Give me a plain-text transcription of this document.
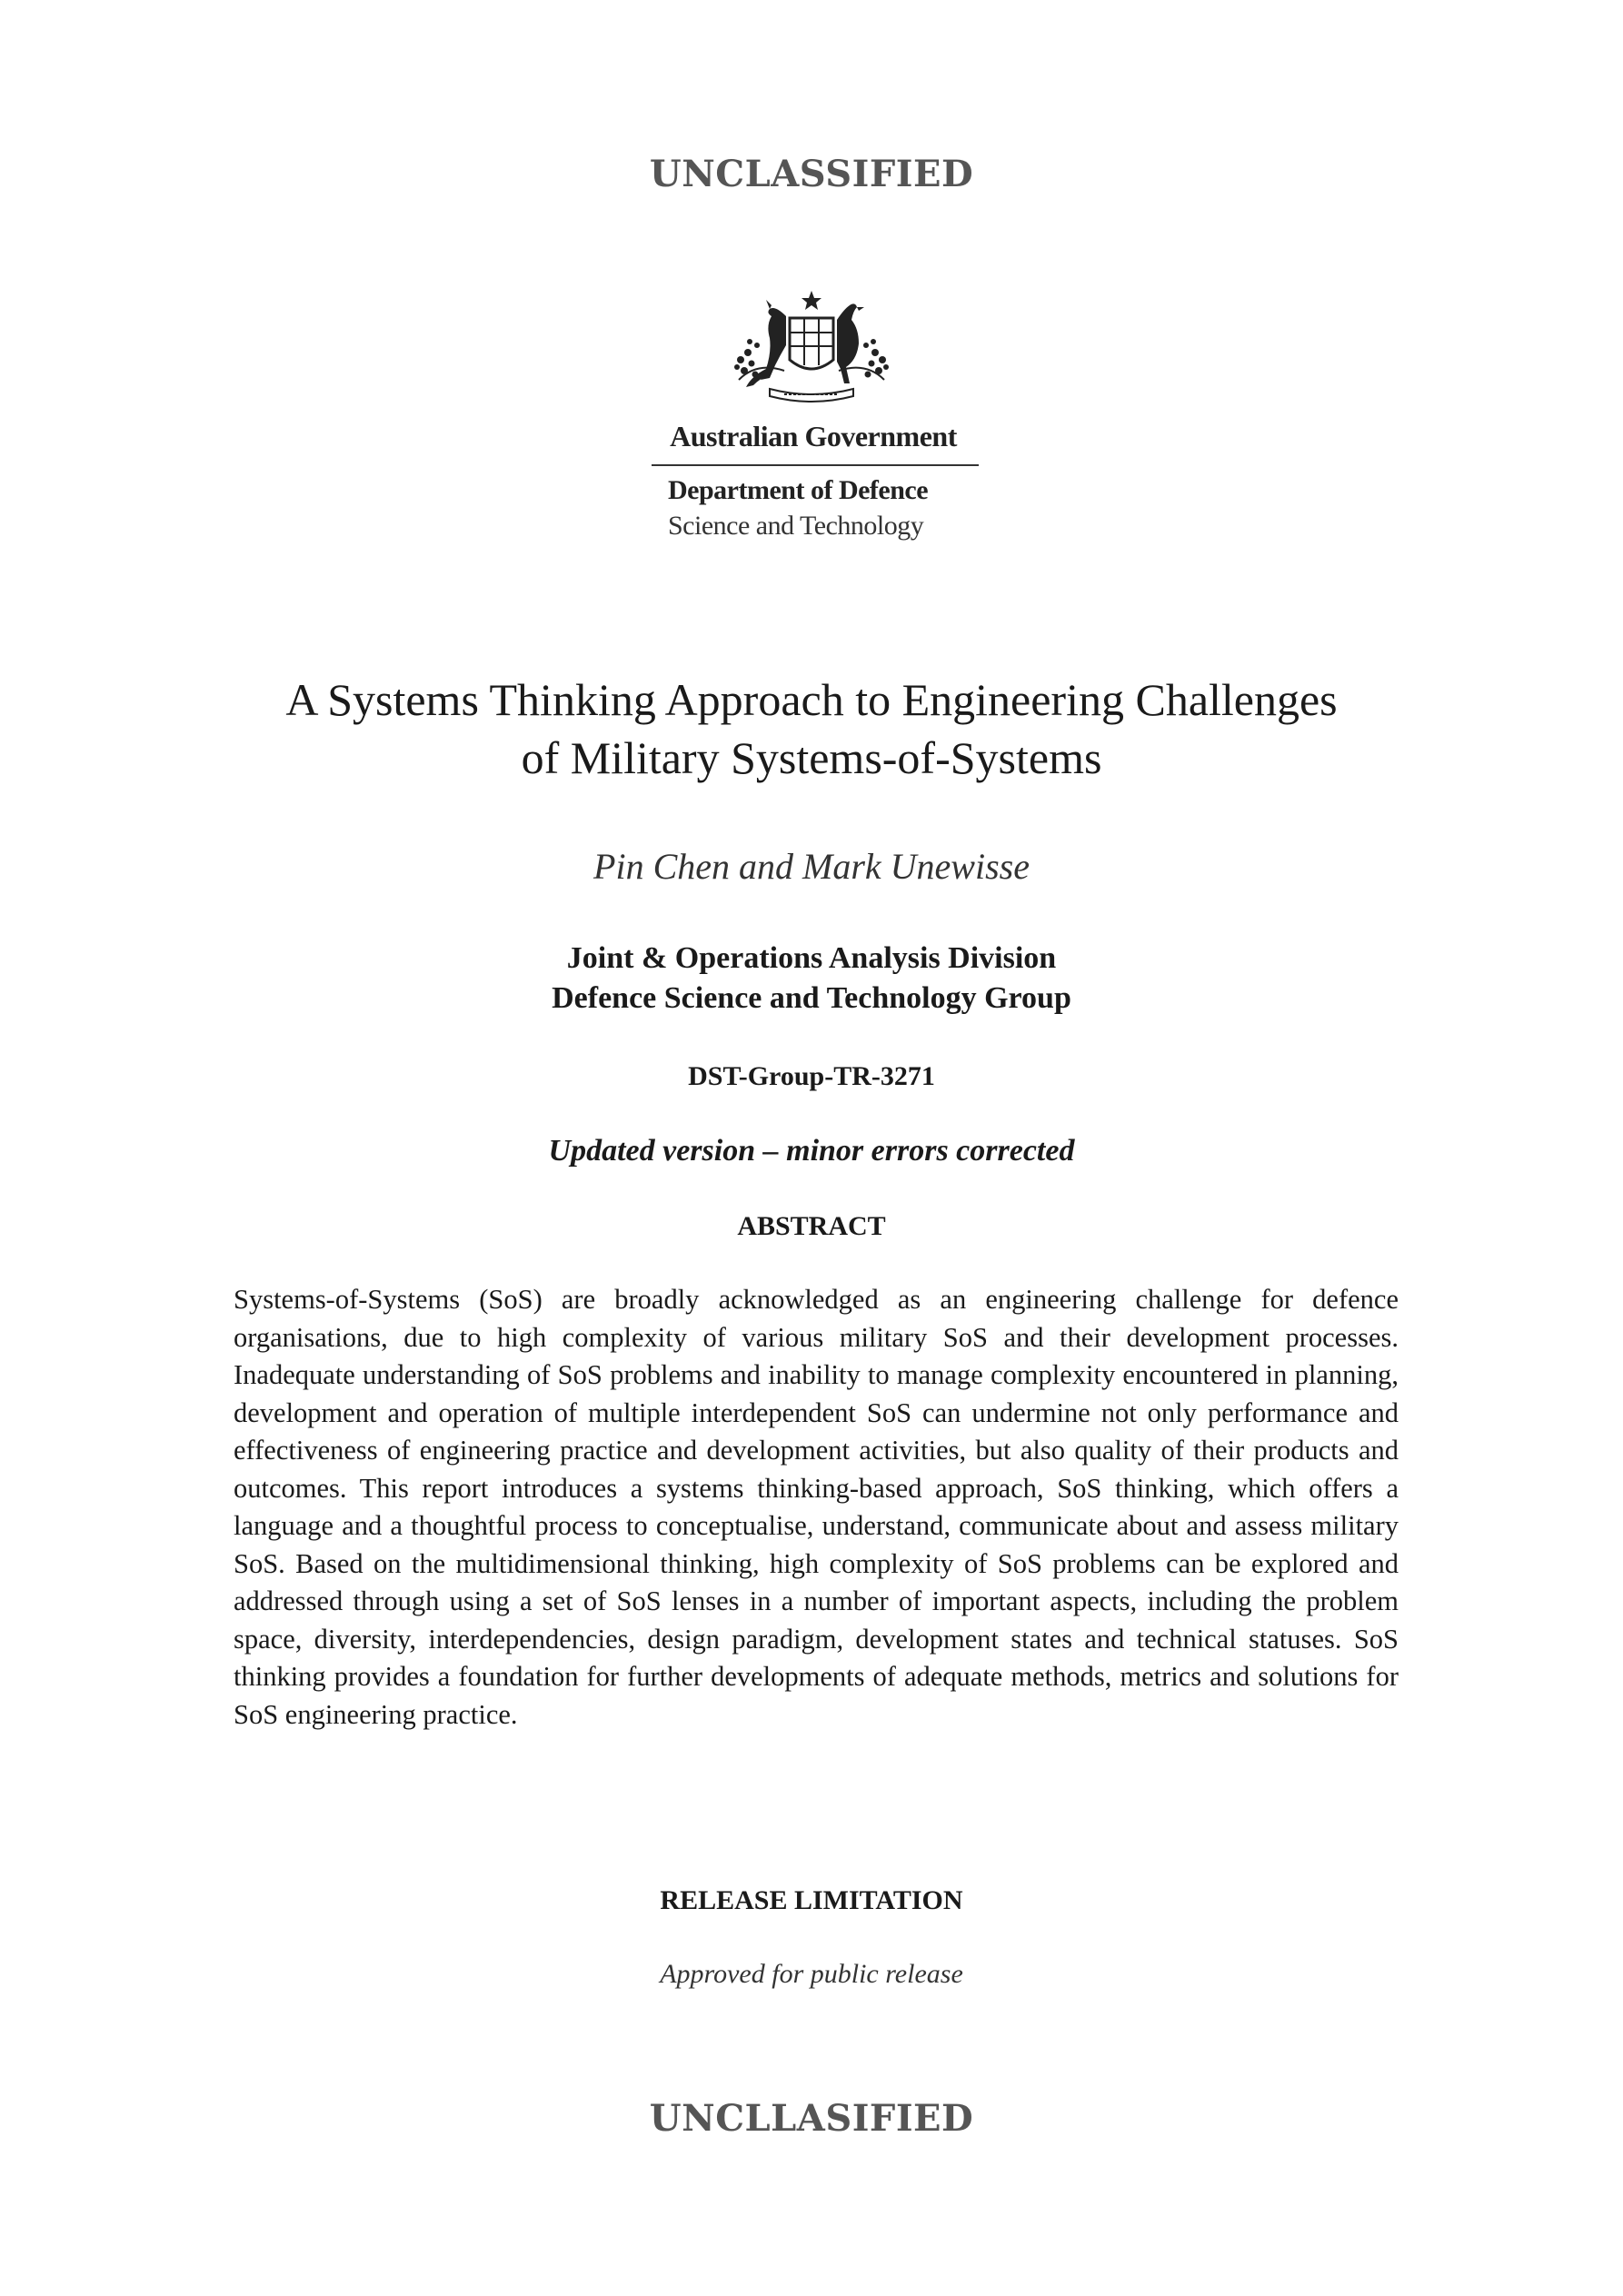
UNCLASSIFIED
Australian Government
Department of Defence
Science and Technology
A Systems Thinking Approach to Engineering Challenges
of Military Systems-of-Systems
Pin Chen and Mark Unewisse
Joint & Operations Analysis Division
Defence Science and Technology Group
DST-Group-TR-3271
Updated version – minor errors corrected
ABSTRACT
Systems-of-Systems (SoS) are broadly acknowledged as an engineering challenge for defence organisations, due to high complexity of various military SoS and their development processes. Inadequate understanding of SoS problems and inability to manage complexity encountered in planning, development and operation of multiple interdependent SoS can undermine not only performance and effectiveness of engineering practice and development activities, but also quality of their products and outcomes. This report introduces a systems thinking-based approach, SoS thinking, which offers a language and a thoughtful process to conceptualise, understand, communicate about and assess military SoS. Based on the multidimensional thinking, high complexity of SoS problems can be explored and addressed through using a set of SoS lenses in a number of important aspects, including the problem space, diversity, interdependencies, design paradigm, development states and technical statuses. SoS thinking provides a foundation for further developments of adequate methods, metrics and solutions for SoS engineering practice.
RELEASE LIMITATION
Approved for public release
UNCLLASIFIED
